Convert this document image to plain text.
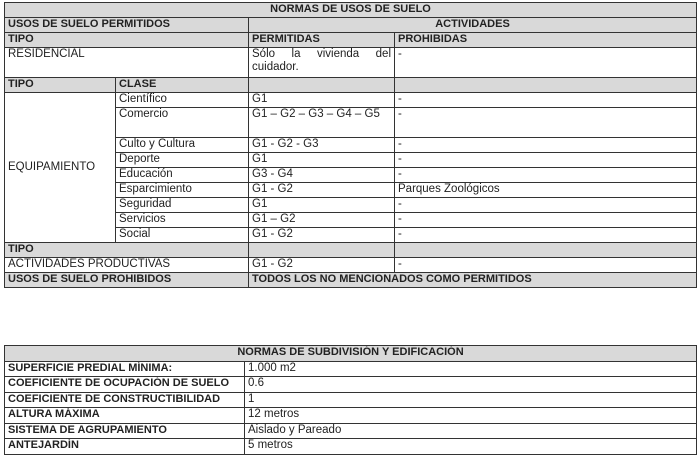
NORMAS DE USOS DE SUELO			
USOS DE SUELO PERMITIDOS		ACTIVIDADES	
TIPO		PERMITIDAS	PROHIBIDAS
RESIDENCIAL		Sólo la vivienda del cuidador.	-
TIPO	CLASE		
EQUIPAMIENTO	Científico	G1	-
	Comercio	G1 – G2 – G3 – G4 – G5	-
	Culto y Cultura	G1 - G2 - G3	-
	Deporte	G1	-
	Educación	G3 - G4	-
	Esparcimiento	G1 - G2	Parques Zoológicos
	Seguridad	G1	-
	Servicios	G1 – G2	-
	Social	G1 - G2	-
TIPO			
ACTIVIDADES PRODUCTIVAS		G1 - G2	-
USOS DE SUELO PROHIBIDOS		TODOS LOS NO MENCIONADOS COMO PERMITIDOS	
NORMAS DE SUBDIVISIÓN Y EDIFICACIÓN	
SUPERFICIE PREDIAL MÍNIMA:	1.000 m2
COEFICIENTE DE OCUPACIÓN DE SUELO	0.6
COEFICIENTE DE CONSTRUCTIBILIDAD	1
ALTURA MÁXIMA	12 metros
SISTEMA DE AGRUPAMIENTO	Aislado y Pareado
ANTEJARDÍN	5 metros
